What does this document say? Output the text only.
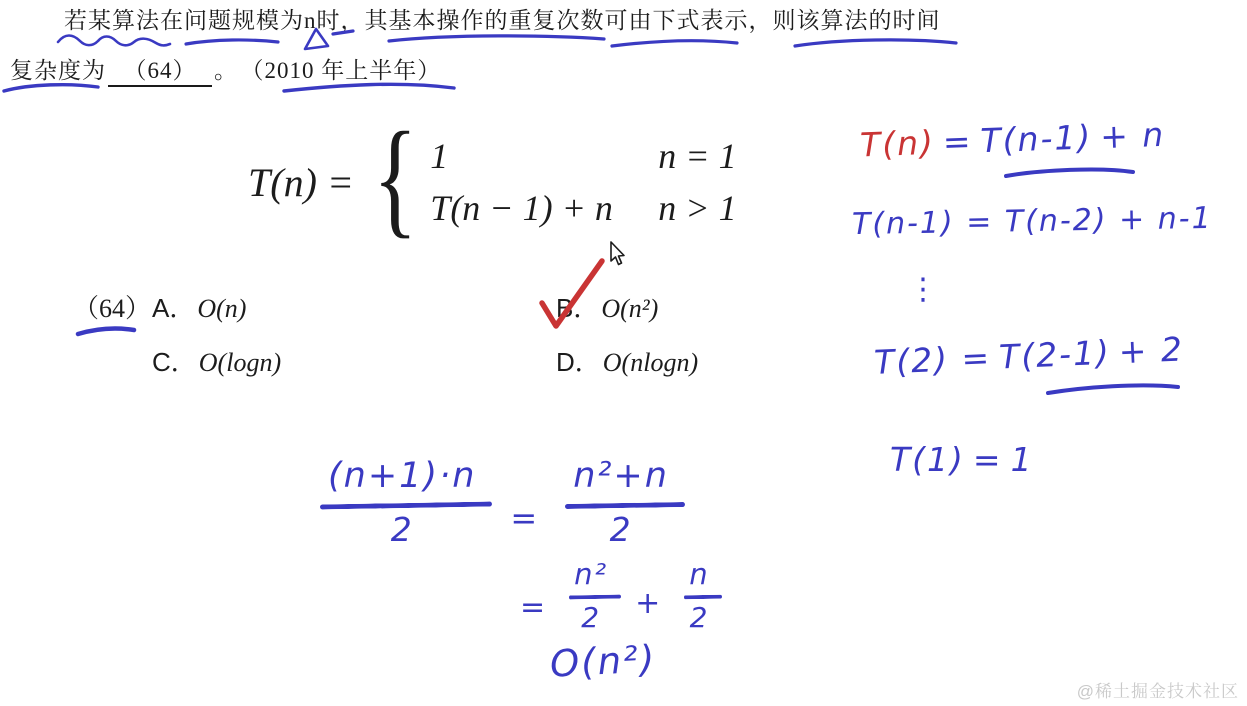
若某算法在问题规模为n时，其基本操作的重复次数可由下式表示，则该算法的时间
复杂度为 （64） 。 （2010 年上半年）
T(n) = { 1	n = 1
T(n − 1) + n	n > 1
（64） A．O(n)	B．O(n²)
C．O(logn)	D．O(nlogn)
T(n) = T(n-1) + n
T(n-1) = T(n-2) + n-1
⋮
T(2) = T(2-1) + 2
T(1) = 1
(n+1)·n
2	=
n²+n
2
=
n²
2 +
n
2
O(n²)
@稀土掘金技术社区
